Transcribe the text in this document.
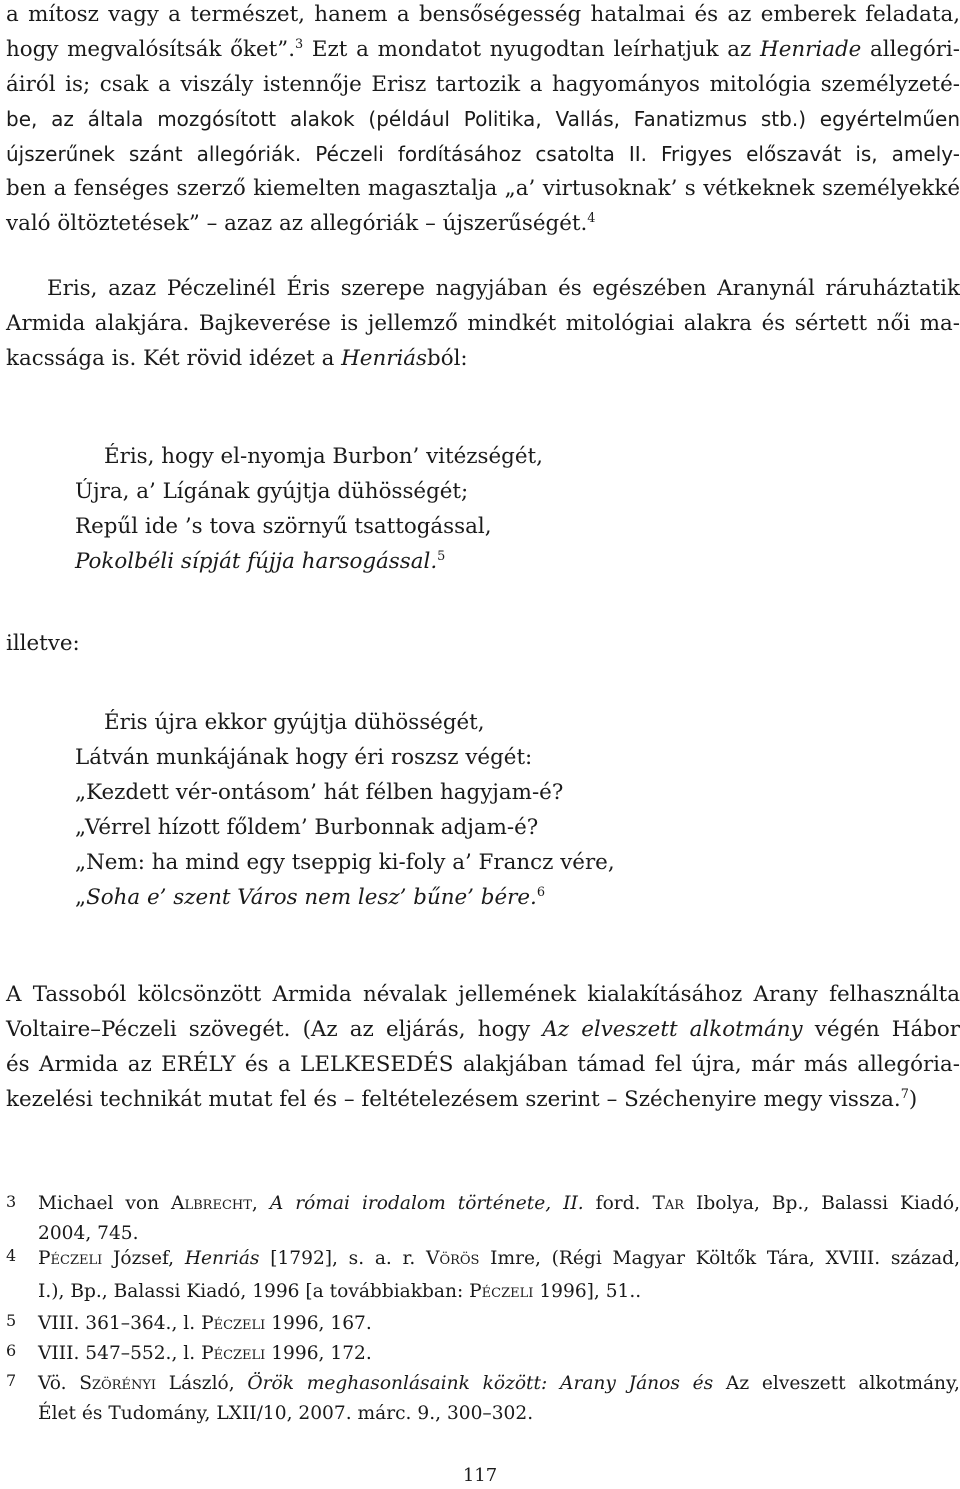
a mítosz vagy a természet, hanem a bensőségesség hatalmai és az emberek feladata,
hogy megvalósítsák őket”.$^3$ Ezt a mondatot nyugodtan leírhatjuk az Henriade allegóri-
áiról is; csak a viszály istennője Erisz tartozik a hagyományos mitológia személyzeté-
be, az általa mozgósított alakok (például Politika, Vallás, Fanatizmus stb.) egyértelműen
újszerűnek szánt allegóriák. Péczeli fordításához csatolta II. Frigyes előszavát is, amely-
ben a fenséges szerző kiemelten magasztalja „a’ virtusoknak’ s vétkeknek személyekké
való öltöztetések” – azaz az allegóriák – újszerűségét.$^4$
Eris, azaz Péczelinél Éris szerepe nagyjában és egészében Aranynál ráruháztatik
Armida alakjára. Bajkeverése is jellemző mindkét mitológiai alakra és sértett női ma-
kacssága is. Két rövid idézet a Henriásból:
Éris, hogy el-nyomja Burbon’ vitézségét,
Újra, a’ Lígának gyújtja dühösségét;
Repűl ide ’s tova szörnyű tsattogással,
Pokolbéli sípját fújja harsogással.$^5$
illetve:
Éris újra ekkor gyújtja dühösségét,
Látván munkájának hogy éri roszsz végét:
„Kezdett vér-ontásom’ hát félben hagyjam-é?
„Vérrel hízott főldem’ Burbonnak adjam-é?
„Nem: ha mind egy tseppig ki-foly a’ Francz vére,
„Soha e’ szent Város nem lesz’ bűne’ bére.$^6$
A Tassoból kölcsönzött Armida névalak jellemének kialakításához Arany felhasználta
Voltaire–Péczeli szövegét. (Az az eljárás, hogy Az elveszett alkotmány végén Hábor
és Armida az ERÉLY és a LELKESEDÉS alakjában támad fel újra, már más allegória-
kezelési technikát mutat fel és – feltételezésem szerint – Széchenyire megy vissza.$^7$)
3 Michael von Albrecht, A római irodalom története, II. ford. Tar Ibolya, Bp., Balassi Kiadó,
2004, 745.
4 Péczeli József, Henriás [1792], s. a. r. Vörös Imre, (Régi Magyar Költők Tára, XVIII. század,
I.), Bp., Balassi Kiadó, 1996 [a továbbiakban: Péczeli 1996], 51..
5 VIII. 361–364., l. Péczeli 1996, 167.
6 VIII. 547–552., l. Péczeli 1996, 172.
7 Vö. Szörényi László, Örök meghasonlásaink között: Arany János és Az elveszett alkotmány,
Élet és Tudomány, LXII/10, 2007. márc. 9., 300–302.
117
